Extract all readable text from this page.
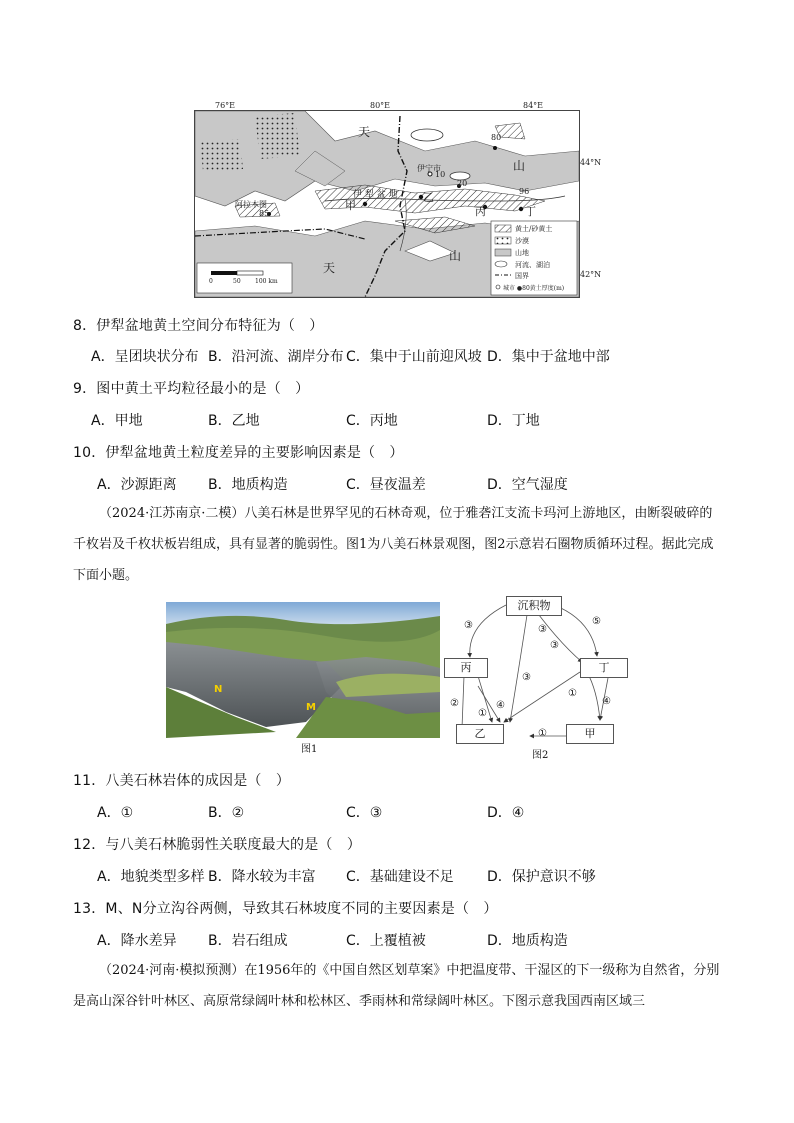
76°E	80°E	84°E
44°N
42°N
天
山
天
山
伊宁市
伊 犁 盆 地
阿拉木图	甲
乙
丙	丁
80
10
20
96
85
0	50 100 km
黄土/砂黄土
沙漠
山地
河流、湖泊
国界
城市 ●80黄土厚度(m)
8．伊犁盆地黄土空间分布特征为（　）
A．呈团块状分布 B．沿河流、湖岸分布 C．集中于山前迎风坡 D．集中于盆地中部
9．图中黄土平均粒径最小的是（　）
A．甲地	B．乙地	C．丙地	D．丁地
10．伊犁盆地黄土粒度差异的主要影响因素是（　）
A．沙源距离 B．地质构造	C．昼夜温差	D．空气湿度
（2024·江苏南京·二模）八美石林是世界罕见的石林奇观，位于雅砻江支流卡玛河上游地区，由断裂破碎的千枚岩及千枚状板岩组成，具有显著的脆弱性。图1为八美石林景观图，图2示意岩石圈物质循环过程。据此完成下面小题。
N
M
图1
沉积物
丙	丁
乙	甲
③	③
⑤
③
③
①
④
②
①
④
①
图2
11．八美石林岩体的成因是（　）
A．①	B．②	C．③	D．④
12．与八美石林脆弱性关联度最大的是（　）
A．地貌类型多样 B．降水较为丰富 C．基础建设不足 D．保护意识不够
13．M、N分立沟谷两侧，导致其石林坡度不同的主要因素是（　）
A．降水差异 B．岩石组成	C．上覆植被	D．地质构造
（2024·河南·模拟预测）在1956年的《中国自然区划草案》中把温度带、干湿区的下一级称为自然省，分别是高山深谷针叶林区、高原常绿阔叶林和松林区、季雨林和常绿阔叶林区。下图示意我国西南区域三
